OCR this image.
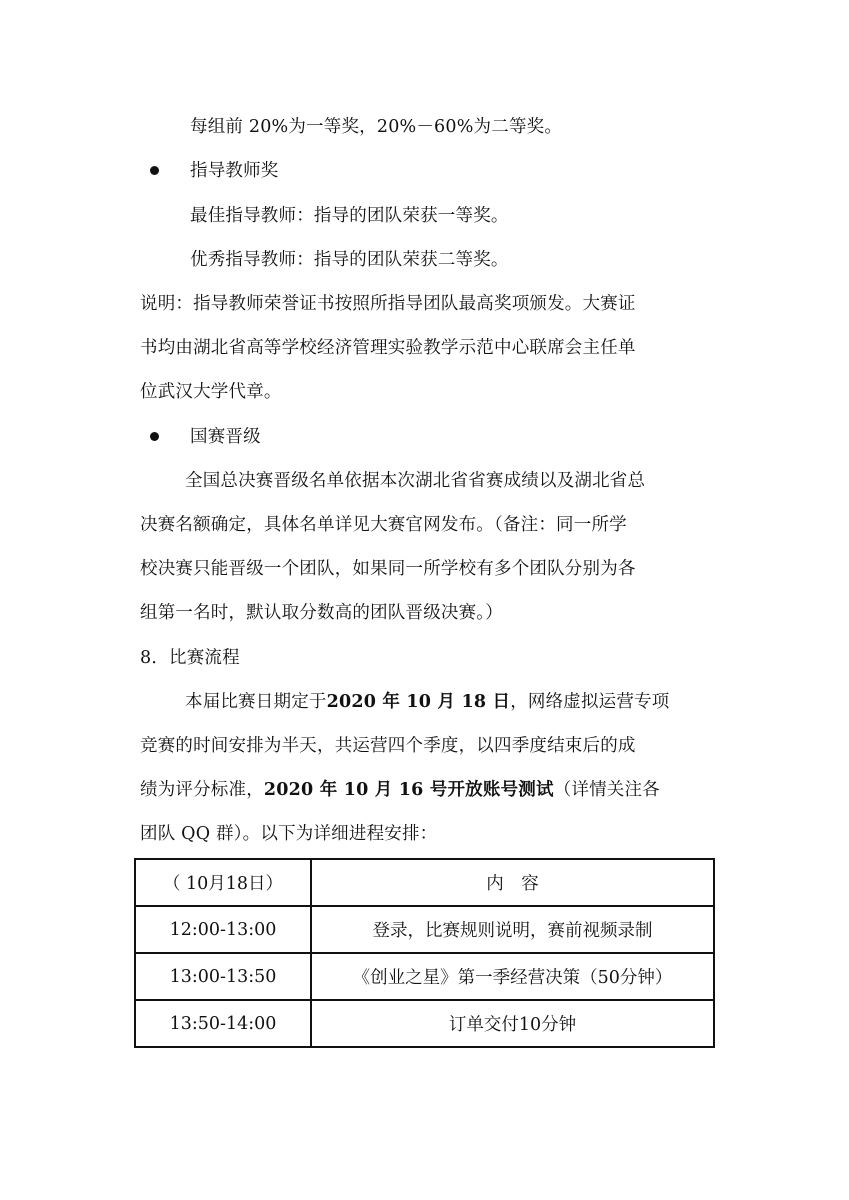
每组前 20%为一等奖，20%－60%为二等奖。
指导教师奖
最佳指导教师：指导的团队荣获一等奖。
优秀指导教师：指导的团队荣获二等奖。
说明：指导教师荣誉证书按照所指导团队最高奖项颁发。大赛证
书均由湖北省高等学校经济管理实验教学示范中心联席会主任单
位武汉大学代章。
国赛晋级
全国总决赛晋级名单依据本次湖北省省赛成绩以及湖北省总
决赛名额确定，具体名单详见大赛官网发布。（备注：同一所学
校决赛只能晋级一个团队，如果同一所学校有多个团队分别为各
组第一名时，默认取分数高的团队晋级决赛。）
8．比赛流程
本届比赛日期定于2020 年 10 月 18 日，网络虚拟运营专项
竞赛的时间安排为半天，共运营四个季度，以四季度结束后的成
绩为评分标准，2020 年 10 月 16 号开放账号测试（详情关注各
团队 QQ 群）。以下为详细进程安排：
（ 10月18日）	内　容
12:00-13:00	登录，比赛规则说明，赛前视频录制
13:00-13:50	《创业之星》第一季经营决策（50分钟）
13:50-14:00	订单交付10分钟
